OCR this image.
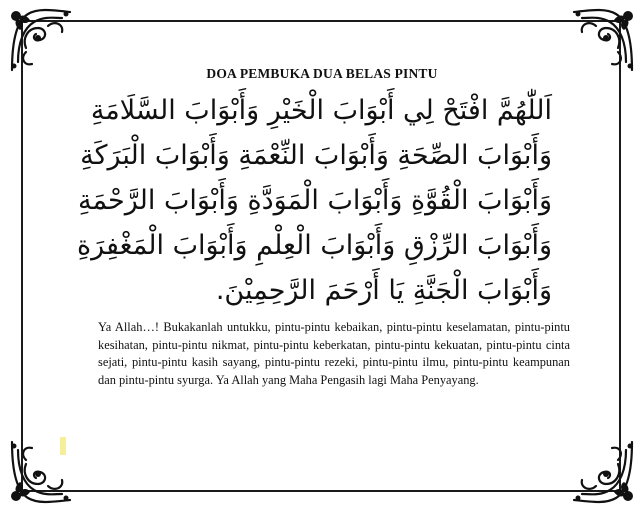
DOA PEMBUKA DUA BELAS PINTU
اَللّٰهُمَّ افْتَحْ لِي أَبْوَابَ الْخَيْرِ وَأَبْوَابَ السَّلَامَةِ
وَأَبْوَابَ الصِّحَةِ وَأَبْوَابَ النِّعْمَةِ وَأَبْوَابَ الْبَرَكَةِ
وَأَبْوَابَ الْقُوَّةِ وَأَبْوَابَ الْمَوَدَّةِ وَأَبْوَابَ الرَّحْمَةِ
وَأَبْوَابَ الرِّزْقِ وَأَبْوَابَ الْعِلْمِ وَأَبْوَابَ الْمَغْفِرَةِ
وَأَبْوَابَ الْجَنَّةِ يَا أَرْحَمَ الرَّحِمِيْنَ.
Ya Allah…! Bukakanlah untukku, pintu-pintu kebaikan, pintu-pintu keselamatan, pintu-pintu kesihatan, pintu-pintu nikmat, pintu-pintu keberkatan, pintu-pintu kekuatan, pintu-pintu cinta sejati, pintu-pintu kasih sayang, pintu-pintu rezeki, pintu-pintu ilmu, pintu-pintu keampunan dan pintu-pintu syurga. Ya Allah yang Maha Pengasih lagi Maha Penyayang.
